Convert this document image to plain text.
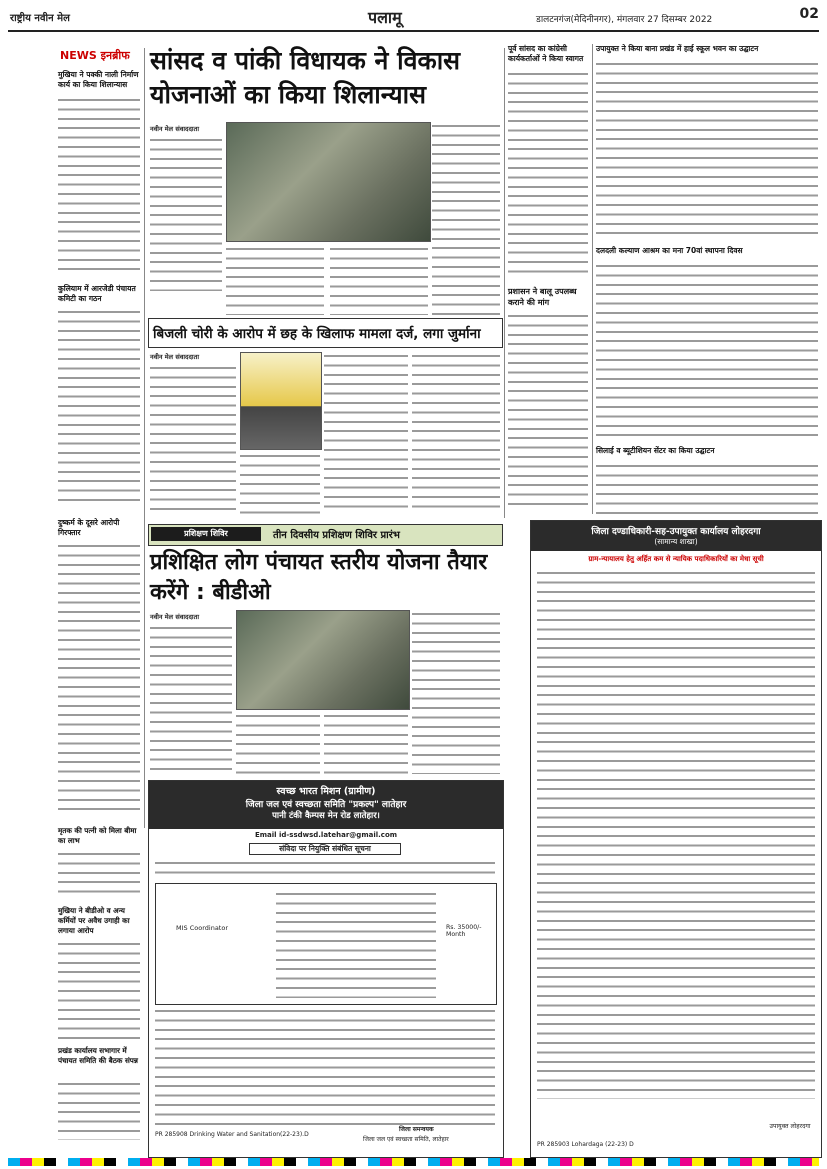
राष्ट्रीय नवीन मेल	पलामू	डालटनगंज(मेदिनीनगर), मंगलवार 27 दिसम्बर 2022	02
NEWS इनब्रीफ
मुखिया ने पक्की नाली निर्माण कार्य का किया शिलान्यास
कुलियाम में आरजेडी पंचायत कमिटी का गठन
दुष्कर्म के दूसरे आरोपी गिरफ्तार
सांसद व पांकी विधायक ने विकास योजनाओं का किया शिलान्यास
नवीन मेल संवाददाता
पूर्व सांसद का कांग्रेसी कार्यकर्ताओं ने किया स्वागत
प्रशासन ने बालू उपलब्ध कराने की मांग
उपायुक्त ने किया बाना प्रखंड में हाई स्कूल भवन का उद्घाटन
दलदली कल्याण आश्रम का मना 70वां स्थापना दिवस
सिलाई व ब्यूटीशियन सेंटर का किया उद्घाटन
बिजली चोरी के आरोप में छह के खिलाफ मामला दर्ज, लगा जुर्माना
नवीन मेल संवाददाता
प्रशिक्षण शिविर	तीन दिवसीय प्रशिक्षण शिविर प्रारंभ
प्रशिक्षित लोग पंचायत स्तरीय योजना तैयार करेंगे : बीडीओ
नवीन मेल संवाददाता
मृतक की पत्नी को मिला बीमा का लाभ
मुखिया ने बीडीओ व अन्य कर्मियों पर अवैध उगाही का लगाया आरोप
प्रखंड कार्यालय सभागार में पंचायत समिति की बैठक संपन्न
स्वच्छ भारत मिशन (ग्रामीण)
जिला जल एवं स्वच्छता समिति "प्रकल्प" लातेहार
पानी टंकी कैम्पस मेन रोड लातेहार।
Email id-ssdwsd.latehar@gmail.com
संविदा पर नियुक्ति संबंधित सूचना
MIS Coordinator	Rs. 35000/- Month
PR 285908 Drinking Water and Sanitation(22-23).D
जिला समन्वयक
जिला जल एवं स्वच्छता समिति, लातेहार
जिला दण्डाधिकारी-सह-उपायुक्त कार्यालय लोहरदगा
(सामान्य शाखा)
ग्राम-न्यायालय हेतु अर्हित कम से न्यायिक पदाधिकारियों का मेधा सूची
उपायुक्त लोहरदगा
PR 285903 Lohardaga (22-23) D
